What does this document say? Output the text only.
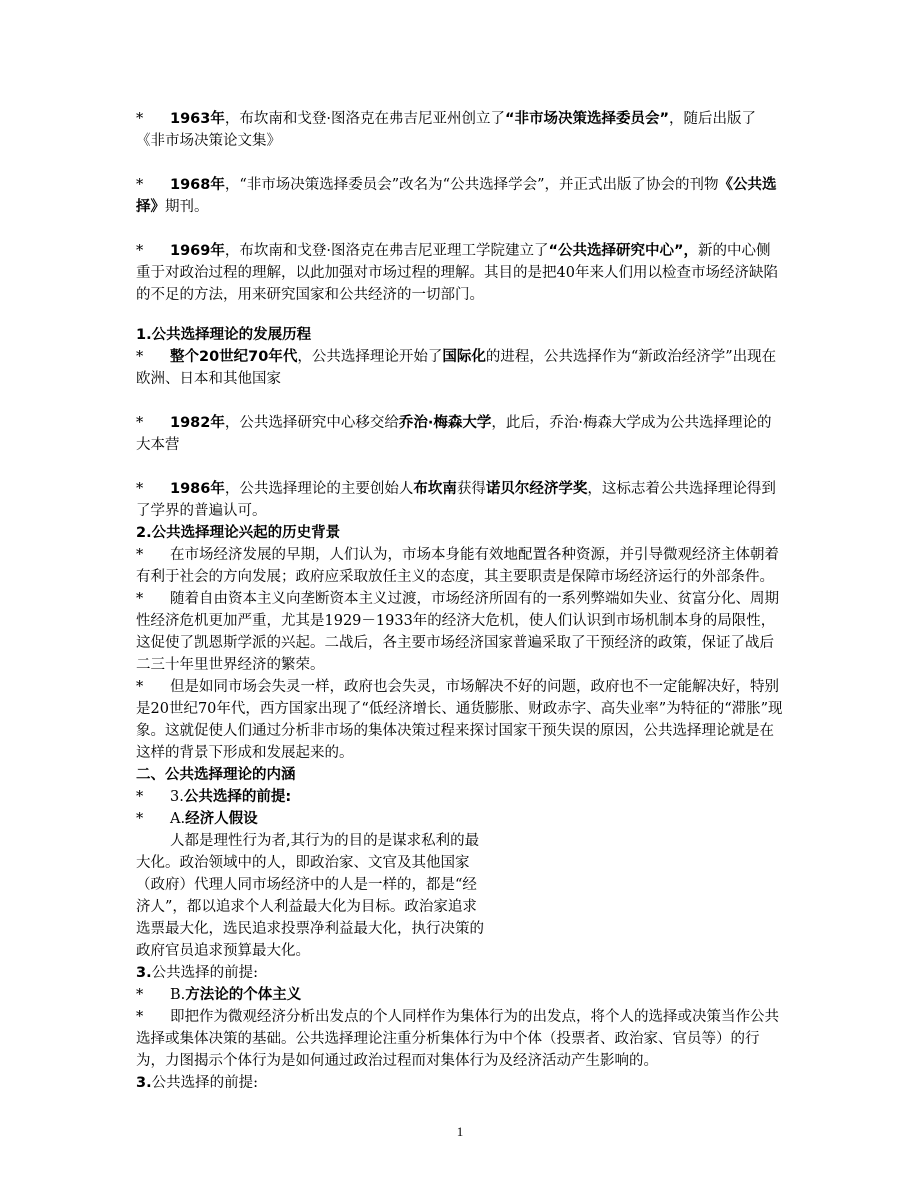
* 1963年，布坎南和戈登·图洛克在弗吉尼亚州创立了“非市场决策选择委员会”，随后出版了《非市场决策论文集》

* 1968年，“非市场决策选择委员会”改名为“公共选择学会”，并正式出版了协会的刊物《公共选择》期刊。

* 1969年，布坎南和戈登·图洛克在弗吉尼亚理工学院建立了“公共选择研究中心”，新的中心侧重于对政治过程的理解，以此加强对市场过程的理解。其目的是把40年来人们用以检查市场经济缺陷的不足的方法，用来研究国家和公共经济的一切部门。

1.公共选择理论的发展历程

* 整个20世纪70年代，公共选择理论开始了国际化的进程，公共选择作为“新政治经济学”出现在欧洲、日本和其他国家

* 1982年，公共选择研究中心移交给乔治·梅森大学，此后，乔治·梅森大学成为公共选择理论的大本营

* 1986年，公共选择理论的主要创始人布坎南获得诺贝尔经济学奖，这标志着公共选择理论得到了学界的普遍认可。

2.公共选择理论兴起的历史背景

* 在市场经济发展的早期，人们认为，市场本身能有效地配置各种资源，并引导微观经济主体朝着有利于社会的方向发展；政府应采取放任主义的态度，其主要职责是保障市场经济运行的外部条件。

* 随着自由资本主义向垄断资本主义过渡，市场经济所固有的一系列弊端如失业、贫富分化、周期性经济危机更加严重，尤其是1929－1933年的经济大危机，使人们认识到市场机制本身的局限性，这促使了凯恩斯学派的兴起。二战后，各主要市场经济国家普遍采取了干预经济的政策，保证了战后二三十年里世界经济的繁荣。

* 但是如同市场会失灵一样，政府也会失灵，市场解决不好的问题，政府也不一定能解决好，特别是20世纪70年代，西方国家出现了“低经济增长、通货膨胀、财政赤字、高失业率”为特征的“滞胀”现象。这就促使人们通过分析非市场的集体决策过程来探讨国家干预失误的原因，公共选择理论就是在这样的背景下形成和发展起来的。

二、公共选择理论的内涵

* 3.公共选择的前提:

* A.经济人假设

人都是理性行为者,其行为的目的是谋求私利的最大化。政治领域中的人，即政治家、文官及其他国家（政府）代理人同市场经济中的人是一样的，都是“经济人”，都以追求个人利益最大化为目标。政治家追求选票最大化，选民追求投票净利益最大化，执行决策的政府官员追求预算最大化。

3.公共选择的前提:

* B.方法论的个体主义

* 即把作为微观经济分析出发点的个人同样作为集体行为的出发点，将个人的选择或决策当作公共选择或集体决策的基础。公共选择理论注重分析集体行为中个体（投票者、政治家、官员等）的行为，力图揭示个体行为是如何通过政治过程而对集体行为及经济活动产生影响的。

3.公共选择的前提:

1
